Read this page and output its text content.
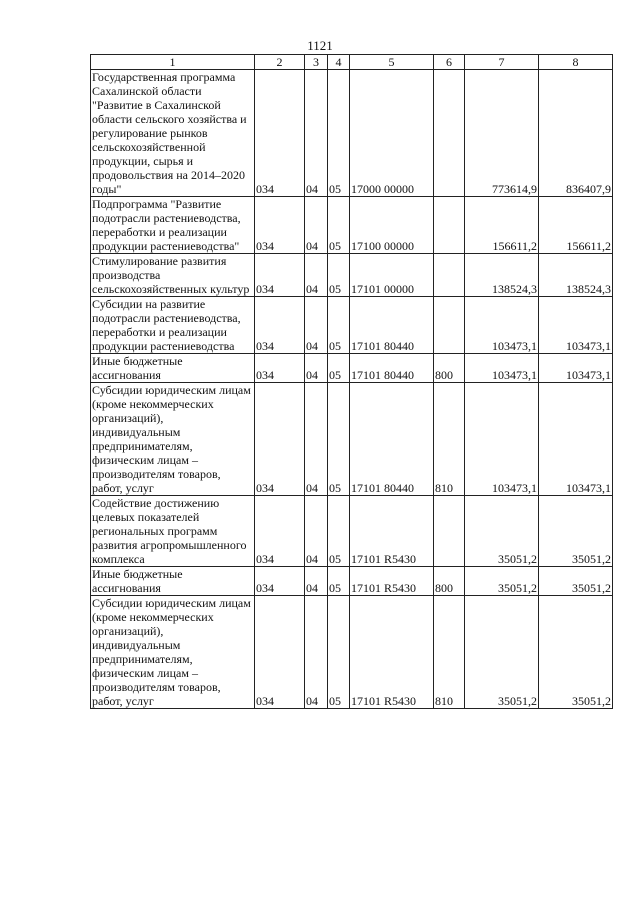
1121
1	2	3	4	5	6	7	8
Государственная программа Сахалинской области "Развитие в Сахалинской области сельского хозяйства и регулирование рынков сельскохозяйственной продукции, сырья и продовольствия на 2014–2020 годы"	034	04	05	17000 00000		773614,9	836407,9
Подпрограмма "Развитие подотрасли растениеводства, переработки и реализации продукции растениеводства"	034	04	05	17100 00000		156611,2	156611,2
Стимулирование развития производства сельскохозяйственных культур	034	04	05	17101 00000		138524,3	138524,3
Субсидии на развитие подотрасли растениеводства, переработки и реализации продукции растениеводства	034	04	05	17101 80440		103473,1	103473,1
Иные бюджетные ассигнования	034	04	05	17101 80440	800	103473,1	103473,1
Субсидии юридическим лицам (кроме некоммерческих организаций), индивидуальным предпринимателям, физическим лицам – производителям товаров, работ, услуг	034	04	05	17101 80440	810	103473,1	103473,1
Содействие достижению целевых показателей региональных программ развития агропромышленного комплекса	034	04	05	17101 R5430		35051,2	35051,2
Иные бюджетные ассигнования	034	04	05	17101 R5430	800	35051,2	35051,2
Субсидии юридическим лицам (кроме некоммерческих организаций), индивидуальным предпринимателям, физическим лицам – производителям товаров, работ, услуг	034	04	05	17101 R5430	810	35051,2	35051,2
